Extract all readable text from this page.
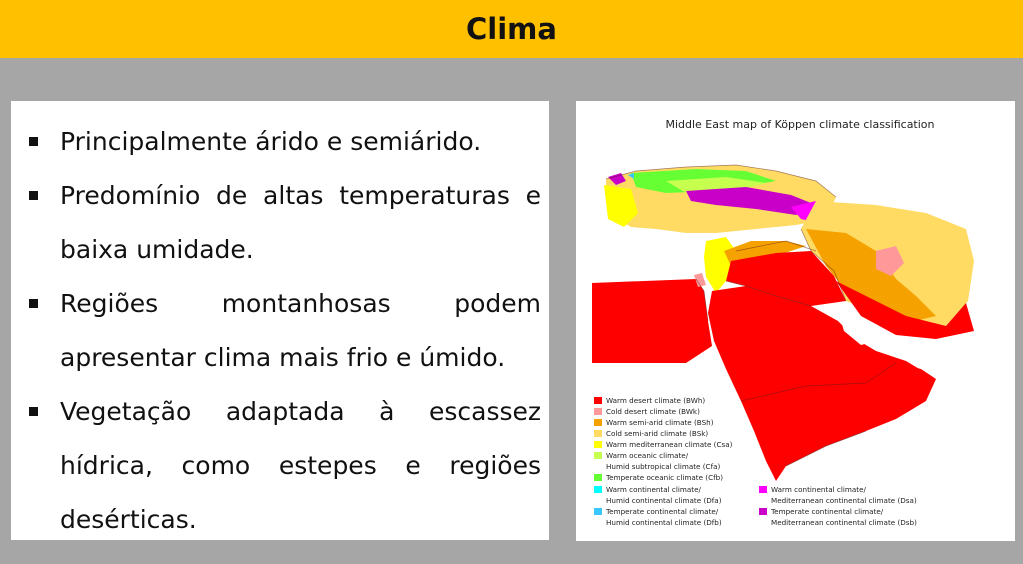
Clima
Principalmente árido e semiárido.
Predomínio de altas temperaturas e baixa umidade.
Regiões montanhosas podem apresentar clima mais frio e úmido.
Vegetação adaptada à escassez hídrica, como estepes e regiões desérticas.
Middle East map of Köppen climate classification
Warm desert climate (BWh)
Cold desert climate (BWk)
Warm semi-arid climate (BSh)
Cold semi-arid climate (BSk)
Warm mediterranean climate (Csa)
Warm oceanic climate/
Humid subtropical climate (Cfa)
Temperate oceanic climate (Cfb)
Warm continental climate/
Humid continental climate (Dfa)
Temperate continental climate/
Humid continental climate (Dfb)
Warm continental climate/
Mediterranean continental climate (Dsa)
Temperate continental climate/
Mediterranean continental climate (Dsb)
